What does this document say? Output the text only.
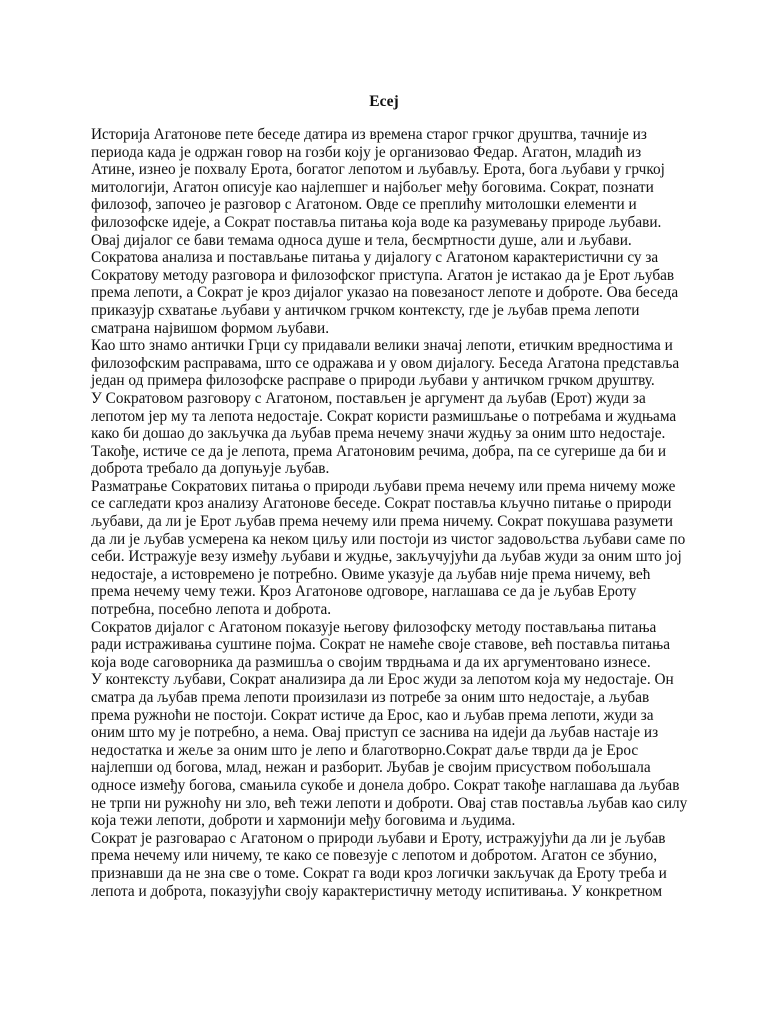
Есеј
Историја Агатонове пете беседе датира из времена старог грчког друштва, тачније из
периода када је одржан говор на гозби коју је организовао Федар. Агатон, младић из
Атине, изнео је похвалу Ерота, богатог лепотом и љубављу. Ерота, бога љубави у грчкој
митологији, Агатон описује као најлепшег и најбољег међу боговима. Сократ, познати
филозоф, започео је разговор с Агатоном. Овде се преплићу митолошки елементи и
филозофске идеје, а Сократ поставља питања која воде ка разумевању природе љубави.
Овај дијалог се бави темама односа душе и тела, бесмртности душе, али и љубави.
Сократова анализа и постављање питања у дијалогу с Агатоном карактеристични су за
Сократову методу разговора и филозофског приступа. Агатон је истакао да је Ерот љубав
према лепоти, а Сократ је кроз дијалог указао на повезаност лепоте и доброте. Ова беседа
приказујр схватање љубави у античком грчком контексту, где је љубав према лепоти
сматрана највишом формом љубави.
Као што знамо антички Грци су придавали велики значај лепоти, етичким вредностима и
филозофским расправама, што се одражава и у овом дијалогу. Беседа Агатона представља
један од примера филозофске расправе о природи љубави у античком грчком друштву.
У Сократовом разговору с Агатоном, постављен је аргумент да љубав (Ерот) жуди за
лепотом јер му та лепота недостаје. Сократ користи размишљање о потребама и жудњама
како би дошао до закључка да љубав према нечему значи жудњу за оним што недостаје.
Такође, истиче се да је лепота, према Агатоновим речима, добра, па се сугерише да би и
доброта требало да допуњује љубав.
Разматрање Сократових питања о природи љубави према нечему или према ничему може
се сагледати кроз анализу Агатонове беседе. Сократ поставља кључно питање о природи
љубави, да ли је Ерот љубав према нечему или према ничему. Сократ покушава разумети
да ли је љубав усмерена ка неком циљу или постоји из чистог задовољства љубави саме по
себи. Истражује везу између љубави и жудње, закључујући да љубав жуди за оним што јој
недостаје, а истовремено је потребно. Овиме указује да љубав није према ничему, већ
према нечему чему тежи. Кроз Агатонове одговоре, наглашава се да је љубав Ероту
потребна, посебно лепота и доброта.
Сократов дијалог с Агатоном показује његову филозофску методу постављања питања
ради истраживања суштине појма. Сократ не намеће своје ставове, већ поставља питања
која воде саговорника да размишља о својим тврдњама и да их аргументовано изнесе.
У контексту љубави, Сократ анализира да ли Ерос жуди за лепотом која му недостаје. Он
сматра да љубав према лепоти произилази из потребе за оним што недостаје, а љубав
према ружноћи не постоји. Сократ истиче да Ерос, као и љубав према лепоти, жуди за
оним што му је потребно, а нема. Овај приступ се заснива на идеји да љубав настаје из
недостатка и жеље за оним што је лепо и благотворно.Сократ даље тврди да је Ерос
најлепши од богова, млад, нежан и разборит. Љубав је својим присуством побољшала
односе између богова, смањила сукобе и донела добро. Сократ такође наглашава да љубав
не трпи ни ружноћу ни зло, већ тежи лепоти и доброти. Овај став поставља љубав као силу
која тежи лепоти, доброти и хармонији међу боговима и људима.
Сократ је разговарао с Агатоном о природи љубави и Ероту, истражујући да ли је љубав
према нечему или ничему, те како се повезује с лепотом и добротом. Агатон се збунио,
признавши да не зна све о томе. Сократ га води кроз логички закључак да Ероту треба и
лепота и доброта, показујући своју карактеристичну методу испитивања. У конкретном
